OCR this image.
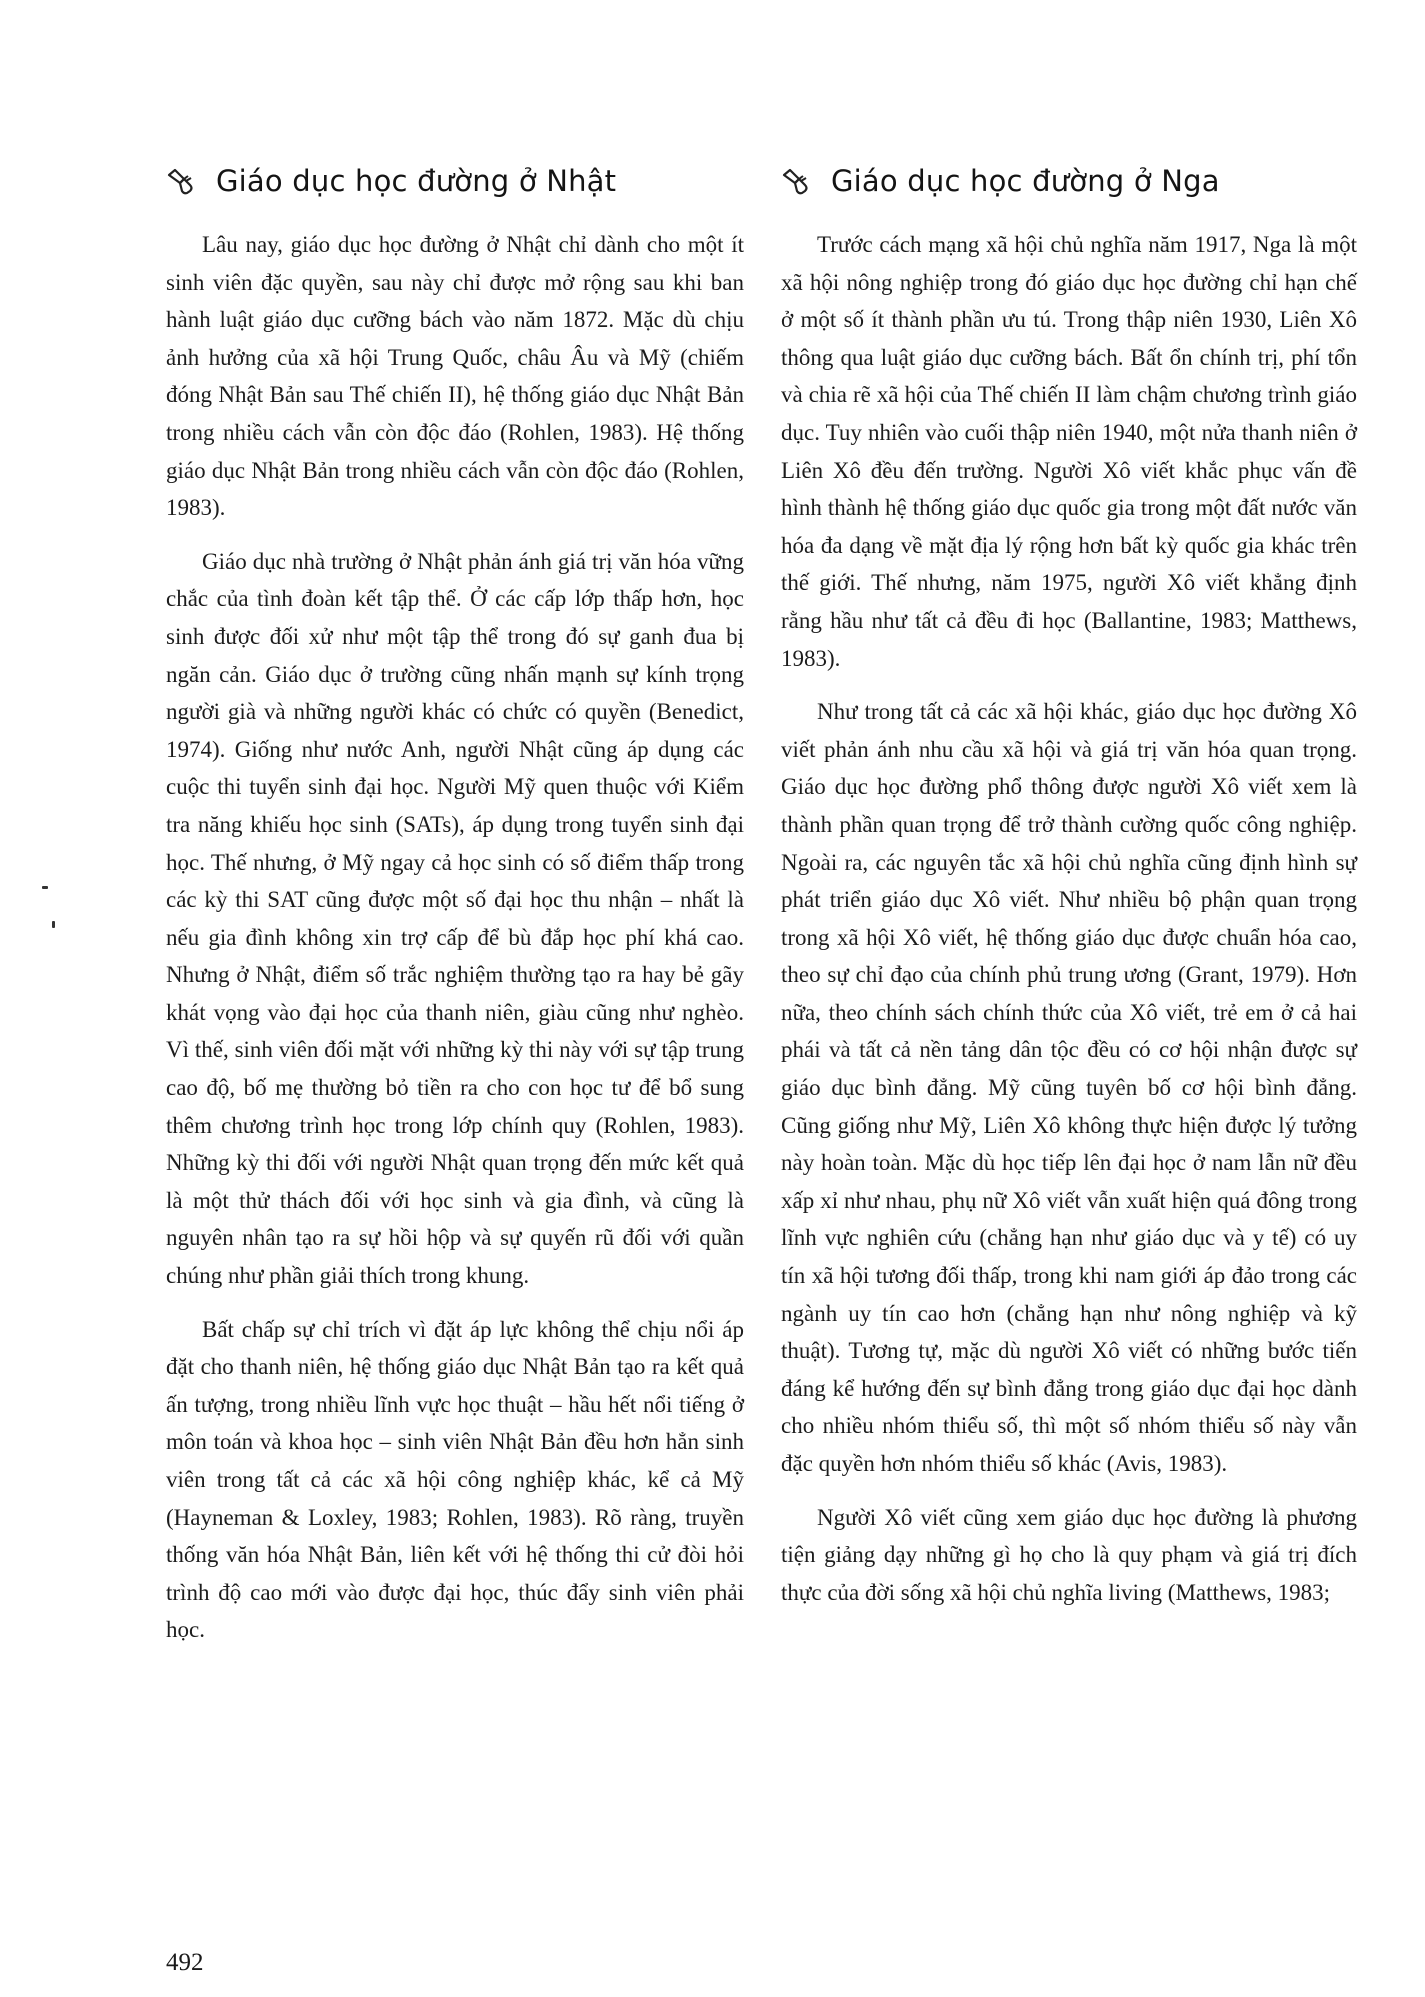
Giáo dục học đường ở Nhật

Lâu nay, giáo dục học đường ở Nhật chỉ dành cho một ít sinh viên đặc quyền, sau này chỉ được mở rộng sau khi ban hành luật giáo dục cưỡng bách vào năm 1872. Mặc dù chịu ảnh hưởng của xã hội Trung Quốc, châu Âu và Mỹ (chiếm đóng Nhật Bản sau Thế chiến II), hệ thống giáo dục Nhật Bản trong nhiều cách vẫn còn độc đáo (Rohlen, 1983). Hệ thống giáo dục Nhật Bản trong nhiều cách vẫn còn độc đáo (Rohlen, 1983).

Giáo dục nhà trường ở Nhật phản ánh giá trị văn hóa vững chắc của tình đoàn kết tập thể. Ở các cấp lớp thấp hơn, học sinh được đối xử như một tập thể trong đó sự ganh đua bị ngăn cản. Giáo dục ở trường cũng nhấn mạnh sự kính trọng người già và những người khác có chức có quyền (Benedict, 1974). Giống như nước Anh, người Nhật cũng áp dụng các cuộc thi tuyển sinh đại học. Người Mỹ quen thuộc với Kiểm tra năng khiếu học sinh (SATs), áp dụng trong tuyển sinh đại học. Thế nhưng, ở Mỹ ngay cả học sinh có số điểm thấp trong các kỳ thi SAT cũng được một số đại học thu nhận – nhất là nếu gia đình không xin trợ cấp để bù đắp học phí khá cao. Nhưng ở Nhật, điểm số trắc nghiệm thường tạo ra hay bẻ gãy khát vọng vào đại học của thanh niên, giàu cũng như nghèo. Vì thế, sinh viên đối mặt với những kỳ thi này với sự tập trung cao độ, bố mẹ thường bỏ tiền ra cho con học tư để bổ sung thêm chương trình học trong lớp chính quy (Rohlen, 1983). Những kỳ thi đối với người Nhật quan trọng đến mức kết quả là một thử thách đối với học sinh và gia đình, và cũng là nguyên nhân tạo ra sự hồi hộp và sự quyến rũ đối với quần chúng như phần giải thích trong khung.

Bất chấp sự chỉ trích vì đặt áp lực không thể chịu nổi áp đặt cho thanh niên, hệ thống giáo dục Nhật Bản tạo ra kết quả ấn tượng, trong nhiều lĩnh vực học thuật – hầu hết nổi tiếng ở môn toán và khoa học – sinh viên Nhật Bản đều hơn hẳn sinh viên trong tất cả các xã hội công nghiệp khác, kể cả Mỹ (Hayneman & Loxley, 1983; Rohlen, 1983). Rõ ràng, truyền thống văn hóa Nhật Bản, liên kết với hệ thống thi cử đòi hỏi trình độ cao mới vào được đại học, thúc đẩy sinh viên phải học.

Giáo dục học đường ở Nga

Trước cách mạng xã hội chủ nghĩa năm 1917, Nga là một xã hội nông nghiệp trong đó giáo dục học đường chỉ hạn chế ở một số ít thành phần ưu tú. Trong thập niên 1930, Liên Xô thông qua luật giáo dục cưỡng bách. Bất ổn chính trị, phí tổn và chia rẽ xã hội của Thế chiến II làm chậm chương trình giáo dục. Tuy nhiên vào cuối thập niên 1940, một nửa thanh niên ở Liên Xô đều đến trường. Người Xô viết khắc phục vấn đề hình thành hệ thống giáo dục quốc gia trong một đất nước văn hóa đa dạng về mặt địa lý rộng hơn bất kỳ quốc gia khác trên thế giới. Thế nhưng, năm 1975, người Xô viết khẳng định rằng hầu như tất cả đều đi học (Ballantine, 1983; Matthews, 1983).

Như trong tất cả các xã hội khác, giáo dục học đường Xô viết phản ánh nhu cầu xã hội và giá trị văn hóa quan trọng. Giáo dục học đường phổ thông được người Xô viết xem là thành phần quan trọng để trở thành cường quốc công nghiệp. Ngoài ra, các nguyên tắc xã hội chủ nghĩa cũng định hình sự phát triển giáo dục Xô viết. Như nhiều bộ phận quan trọng trong xã hội Xô viết, hệ thống giáo dục được chuẩn hóa cao, theo sự chỉ đạo của chính phủ trung ương (Grant, 1979). Hơn nữa, theo chính sách chính thức của Xô viết, trẻ em ở cả hai phái và tất cả nền tảng dân tộc đều có cơ hội nhận được sự giáo dục bình đẳng. Mỹ cũng tuyên bố cơ hội bình đẳng. Cũng giống như Mỹ, Liên Xô không thực hiện được lý tưởng này hoàn toàn. Mặc dù học tiếp lên đại học ở nam lẫn nữ đều xấp xỉ như nhau, phụ nữ Xô viết vẫn xuất hiện quá đông trong lĩnh vực nghiên cứu (chẳng hạn như giáo dục và y tế) có uy tín xã hội tương đối thấp, trong khi nam giới áp đảo trong các ngành uy tín cao hơn (chẳng hạn như nông nghiệp và kỹ thuật). Tương tự, mặc dù người Xô viết có những bước tiến đáng kể hướng đến sự bình đẳng trong giáo dục đại học dành cho nhiều nhóm thiểu số, thì một số nhóm thiểu số này vẫn đặc quyền hơn nhóm thiểu số khác (Avis, 1983).

Người Xô viết cũng xem giáo dục học đường là phương tiện giảng dạy những gì họ cho là quy phạm và giá trị đích thực của đời sống xã hội chủ nghĩa living (Matthews, 1983;

492
